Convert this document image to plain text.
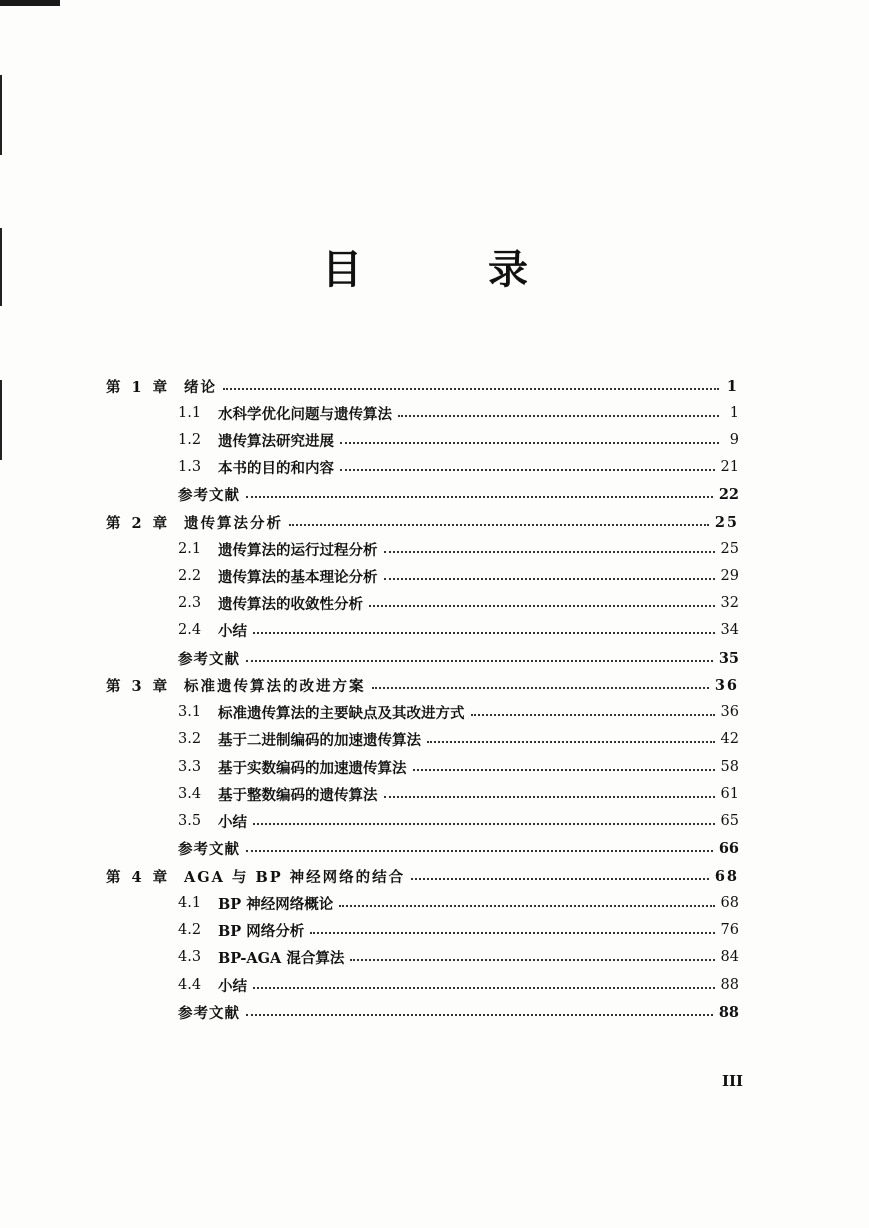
目	录
第 1 章 绪论	1
1.1 水科学优化问题与遗传算法	1
1.2 遗传算法研究进展	9
1.3 本书的目的和内容	21
参考文献	22
第 2 章 遗传算法分析	25
2.1 遗传算法的运行过程分析	25
2.2 遗传算法的基本理论分析	29
2.3 遗传算法的收敛性分析	32
2.4 小结	34
参考文献	35
第 3 章 标准遗传算法的改进方案	36
3.1 标准遗传算法的主要缺点及其改进方式	36
3.2 基于二进制编码的加速遗传算法	42
3.3 基于实数编码的加速遗传算法	58
3.4 基于整数编码的遗传算法	61
3.5 小结	65
参考文献	66
第 4 章 AGA 与 BP 神经网络的结合	68
4.1 BP 神经网络概论	68
4.2 BP 网络分析	76
4.3 BP-AGA 混合算法	84
4.4 小结	88
参考文献	88
III
